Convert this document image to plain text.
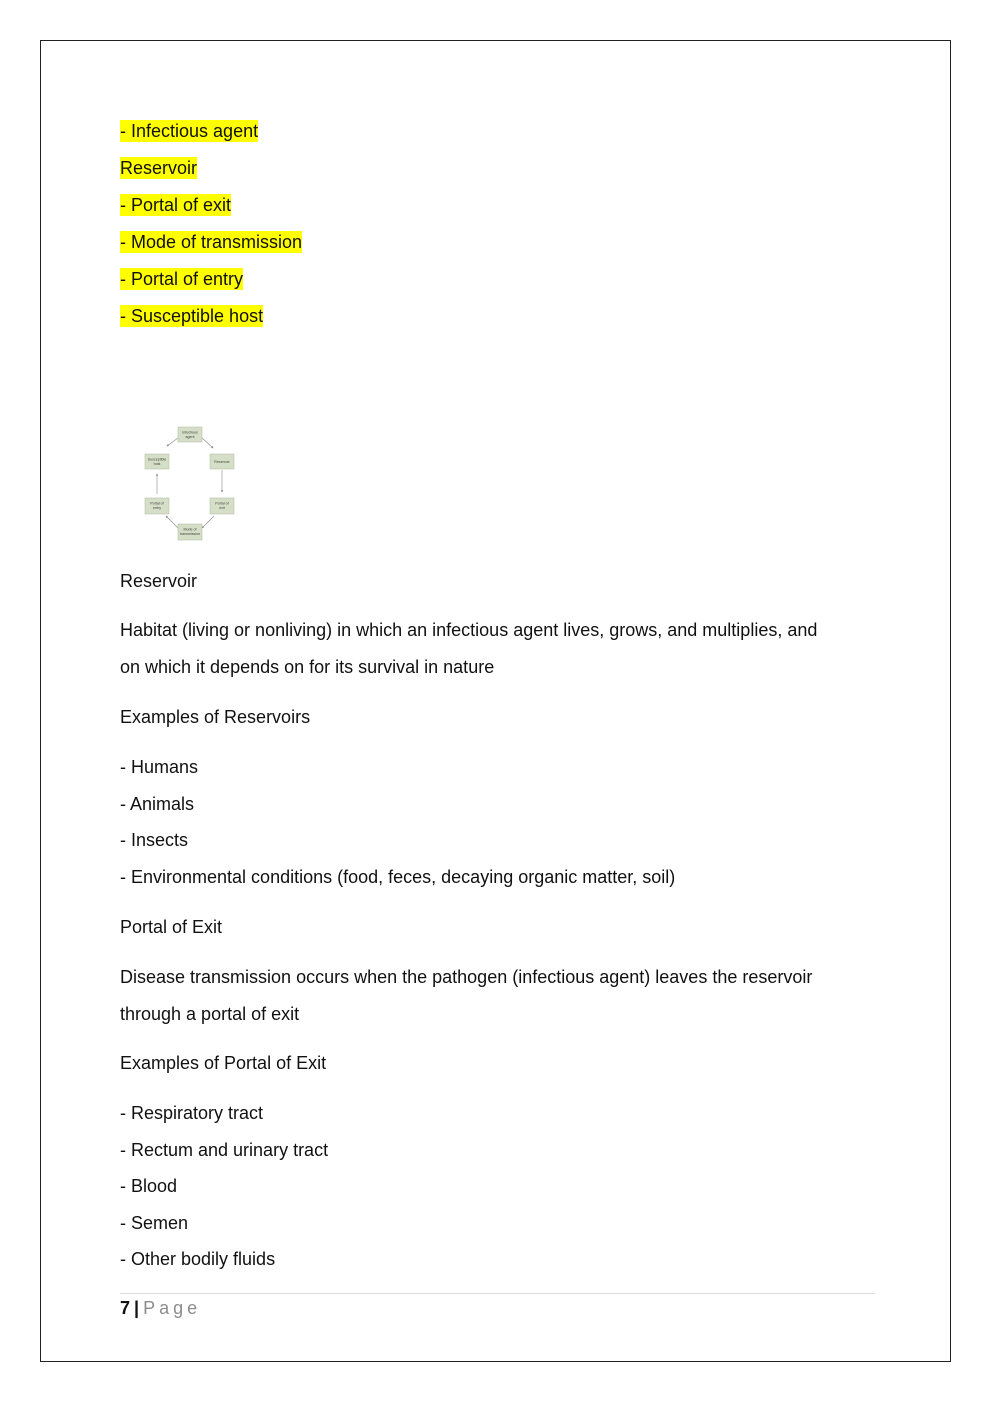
- Infectious agent
Reservoir
- Portal of exit
- Mode of transmission
- Portal of entry
- Susceptible host
Infectious
agent
Reservoir
Portal of
exit
Mode of
transmission
Portal of
entry
Susceptible
host

Reservoir

Habitat (living or nonliving) in which an infectious agent lives, grows, and multiplies, and
on which it depends on for its survival in nature

Examples of Reservoirs

- Humans
- Animals
- Insects
- Environmental conditions (food, feces, decaying organic matter, soil)

Portal of Exit

Disease transmission occurs when the pathogen (infectious agent) leaves the reservoir
through a portal of exit

Examples of Portal of Exit

- Respiratory tract
- Rectum and urinary tract
- Blood
- Semen
- Other bodily fluids
7 | Page
